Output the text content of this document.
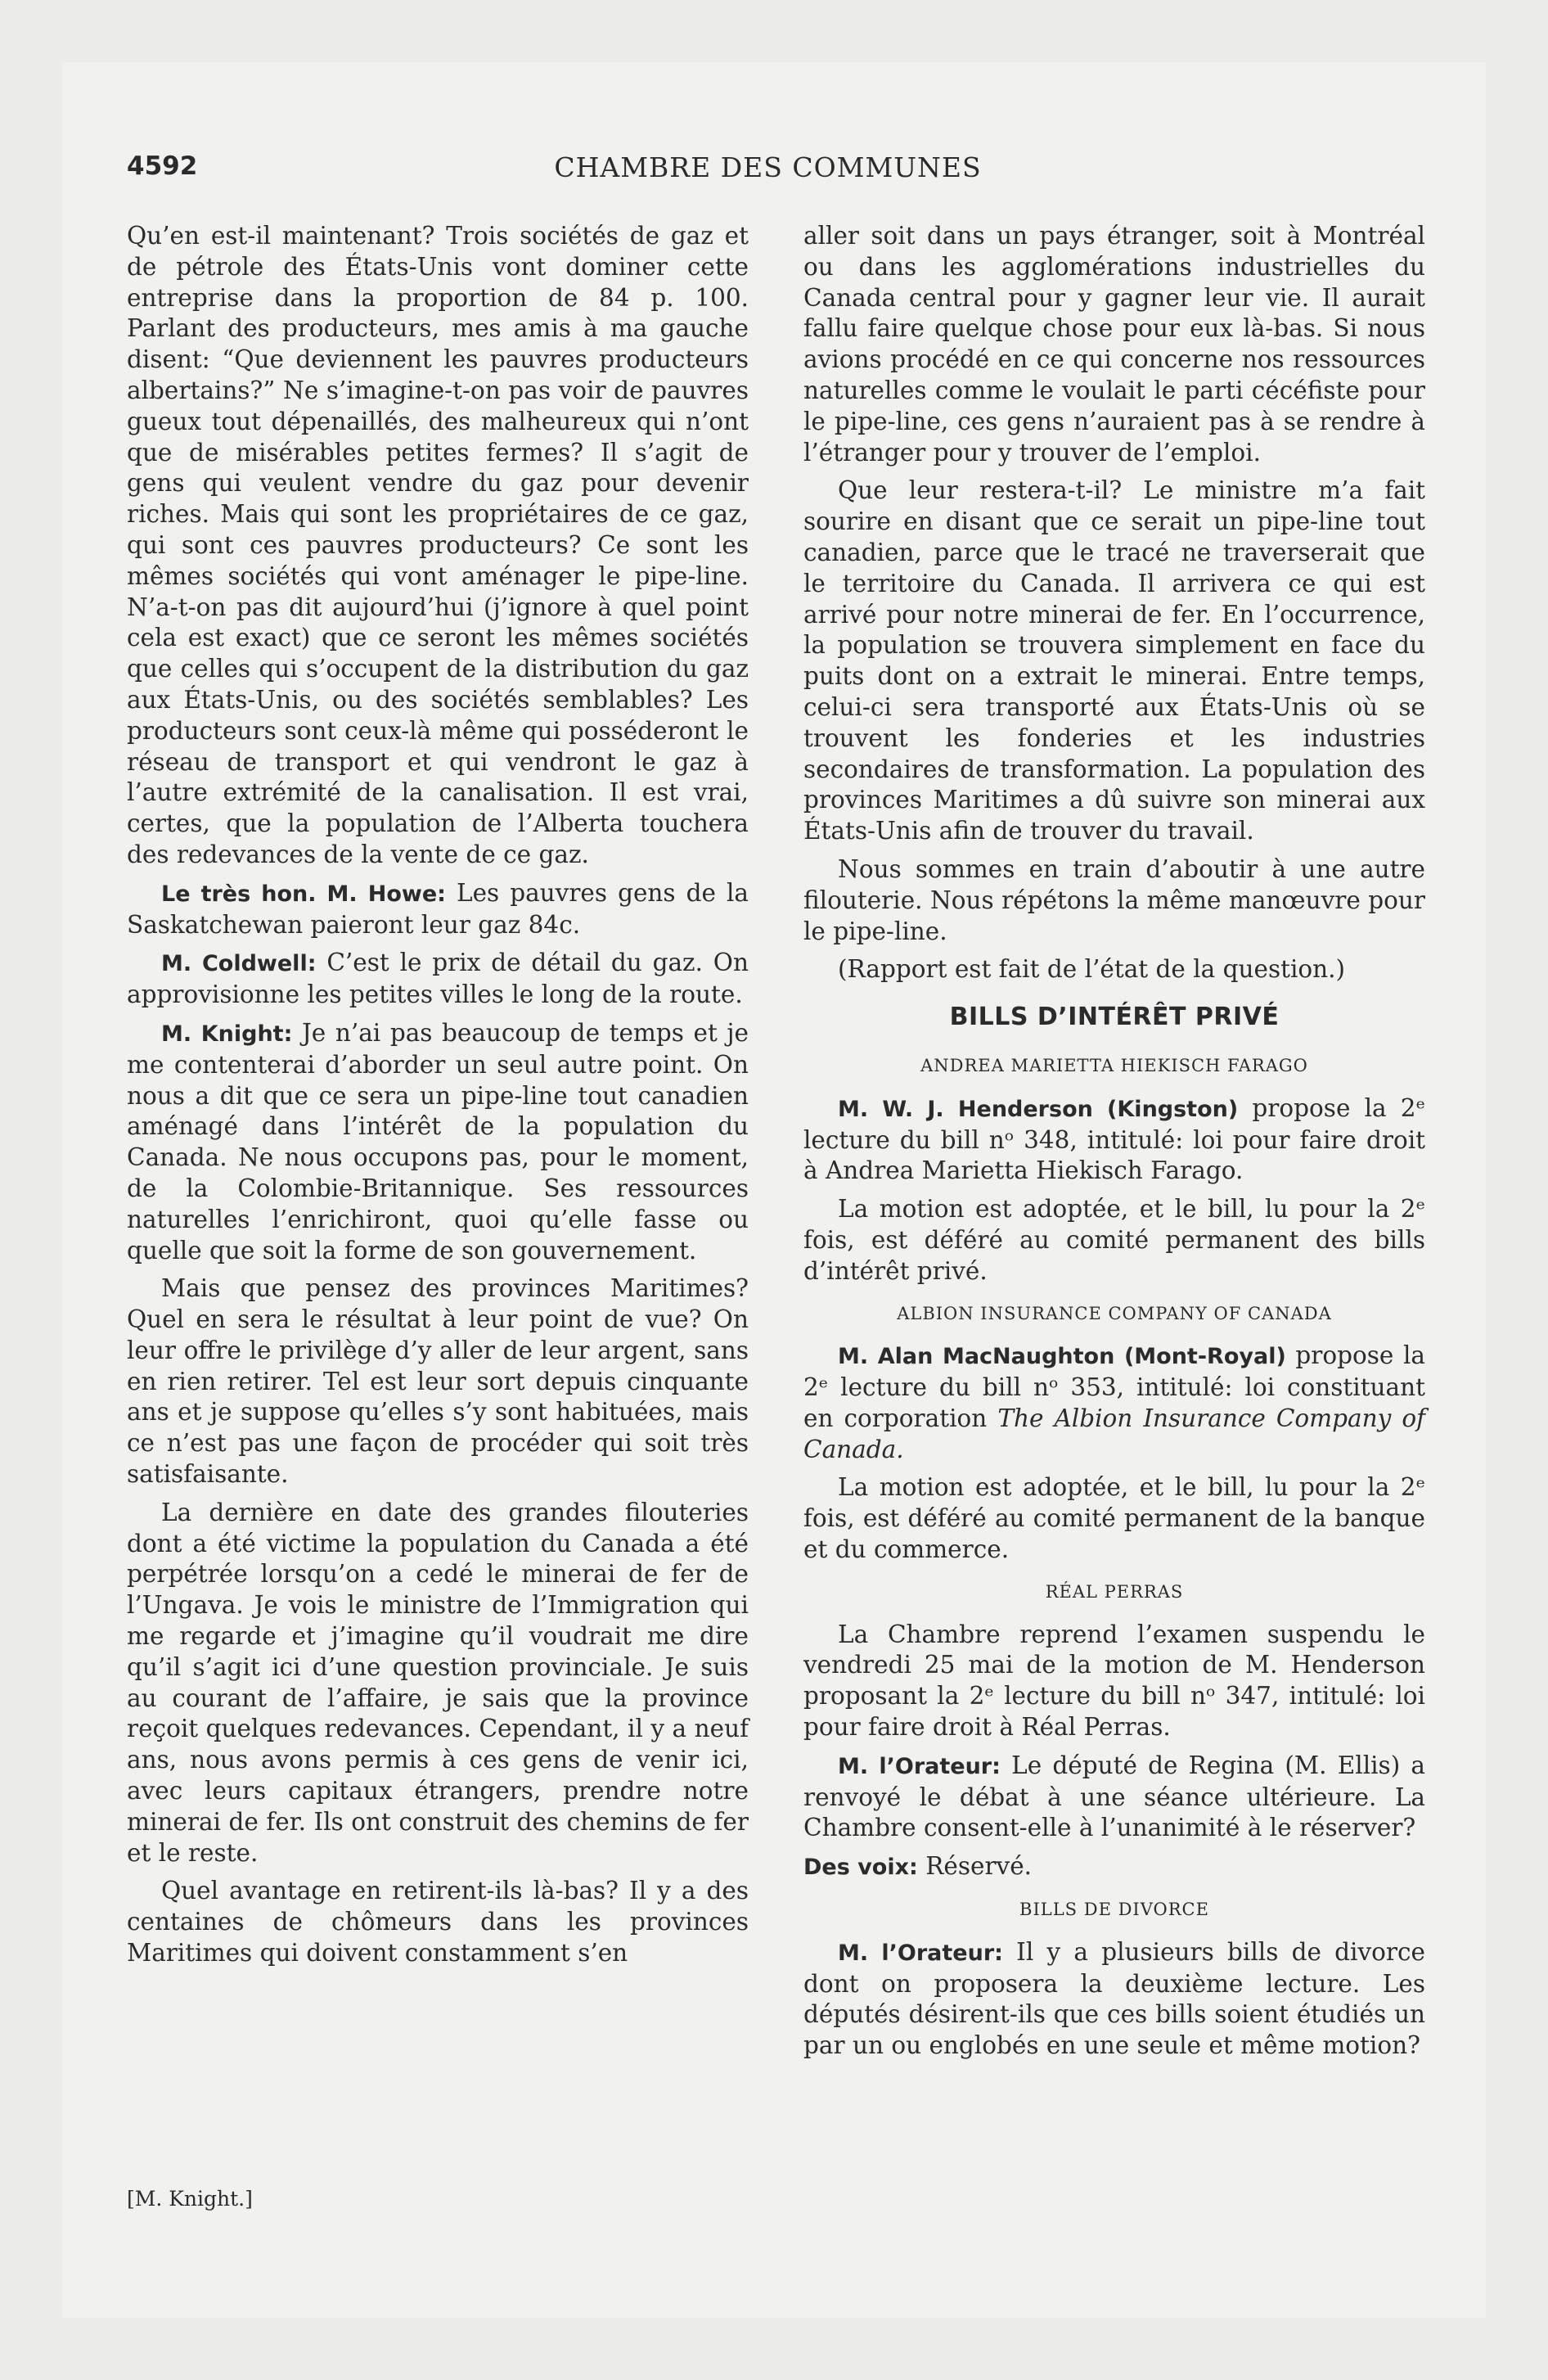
4592	CHAMBRE DES COMMUNES

Qu’en est-il maintenant? Trois sociétés de gaz et de pétrole des États-Unis vont dominer cette entreprise dans la proportion de 84 p. 100. Parlant des producteurs, mes amis à ma gauche disent: “Que deviennent les pauvres producteurs albertains?” Ne s’imagine-t-on pas voir de pauvres gueux tout dépenaillés, des malheureux qui n’ont que de misérables petites fermes? Il s’agit de gens qui veulent vendre du gaz pour devenir riches. Mais qui sont les propriétaires de ce gaz, qui sont ces pauvres producteurs? Ce sont les mêmes sociétés qui vont aménager le pipe-line. N’a-t-on pas dit aujourd’hui (j’ignore à quel point cela est exact) que ce seront les mêmes sociétés que celles qui s’occupent de la distribution du gaz aux États-Unis, ou des sociétés semblables? Les producteurs sont ceux-là même qui posséderont le réseau de transport et qui vendront le gaz à l’autre extrémité de la canalisation. Il est vrai, certes, que la population de l’Alberta touchera des redevances de la vente de ce gaz.

Le très hon. M. Howe: Les pauvres gens de la Saskatchewan paieront leur gaz 84c.

M. Coldwell: C’est le prix de détail du gaz. On approvisionne les petites villes le long de la route.

M. Knight: Je n’ai pas beaucoup de temps et je me contenterai d’aborder un seul autre point. On nous a dit que ce sera un pipe-line tout canadien aménagé dans l’intérêt de la population du Canada. Ne nous occupons pas, pour le moment, de la Colombie-Britannique. Ses ressources naturelles l’enrichiront, quoi qu’elle fasse ou quelle que soit la forme de son gouvernement.

Mais que pensez des provinces Maritimes? Quel en sera le résultat à leur point de vue? On leur offre le privilège d’y aller de leur argent, sans en rien retirer. Tel est leur sort depuis cinquante ans et je suppose qu’elles s’y sont habituées, mais ce n’est pas une façon de procéder qui soit très satisfaisante.

La dernière en date des grandes filouteries dont a été victime la population du Canada a été perpétrée lorsqu’on a cedé le minerai de fer de l’Ungava. Je vois le ministre de l’Immigration qui me regarde et j’imagine qu’il voudrait me dire qu’il s’agit ici d’une question provinciale. Je suis au courant de l’affaire, je sais que la province reçoit quelques redevances. Cependant, il y a neuf ans, nous avons permis à ces gens de venir ici, avec leurs capitaux étrangers, prendre notre minerai de fer. Ils ont construit des chemins de fer et le reste.

Quel avantage en retirent-ils là-bas? Il y a des centaines de chômeurs dans les provinces Maritimes qui doivent constamment s’en

aller soit dans un pays étranger, soit à Montréal ou dans les agglomérations industrielles du Canada central pour y gagner leur vie. Il aurait fallu faire quelque chose pour eux là-bas. Si nous avions procédé en ce qui concerne nos ressources naturelles comme le voulait le parti cécéfiste pour le pipe-line, ces gens n’auraient pas à se rendre à l’étranger pour y trouver de l’emploi.

Que leur restera-t-il? Le ministre m’a fait sourire en disant que ce serait un pipe-line tout canadien, parce que le tracé ne traverserait que le territoire du Canada. Il arrivera ce qui est arrivé pour notre minerai de fer. En l’occurrence, la population se trouvera simplement en face du puits dont on a extrait le minerai. Entre temps, celui-ci sera transporté aux États-Unis où se trouvent les fonderies et les industries secondaires de transformation. La population des provinces Maritimes a dû suivre son minerai aux États-Unis afin de trouver du travail.

Nous sommes en train d’aboutir à une autre filouterie. Nous répétons la même manœuvre pour le pipe-line.

(Rapport est fait de l’état de la question.)

BILLS D’INTÉRÊT PRIVÉ
ANDREA MARIETTA HIEKISCH FARAGO

M. W. J. Henderson (Kingston) propose la 2ᵉ lecture du bill nᵒ 348, intitulé: loi pour faire droit à Andrea Marietta Hiekisch Farago.

La motion est adoptée, et le bill, lu pour la 2ᵉ fois, est déféré au comité permanent des bills d’intérêt privé.

ALBION INSURANCE COMPANY OF CANADA

M. Alan MacNaughton (Mont-Royal) propose la 2ᵉ lecture du bill nᵒ 353, intitulé: loi constituant en corporation The Albion Insurance Company of Canada.

La motion est adoptée, et le bill, lu pour la 2ᵉ fois, est déféré au comité permanent de la banque et du commerce.

RÉAL PERRAS

La Chambre reprend l’examen suspendu le vendredi 25 mai de la motion de M. Henderson proposant la 2ᵉ lecture du bill nᵒ 347, intitulé: loi pour faire droit à Réal Perras.

M. l’Orateur: Le député de Regina (M. Ellis) a renvoyé le débat à une séance ultérieure. La Chambre consent-elle à l’unanimité à le réserver?

Des voix: Réservé.

BILLS DE DIVORCE

M. l’Orateur: Il y a plusieurs bills de divorce dont on proposera la deuxième lecture. Les députés désirent-ils que ces bills soient étudiés un par un ou englobés en une seule et même motion?

[M. Knight.]
